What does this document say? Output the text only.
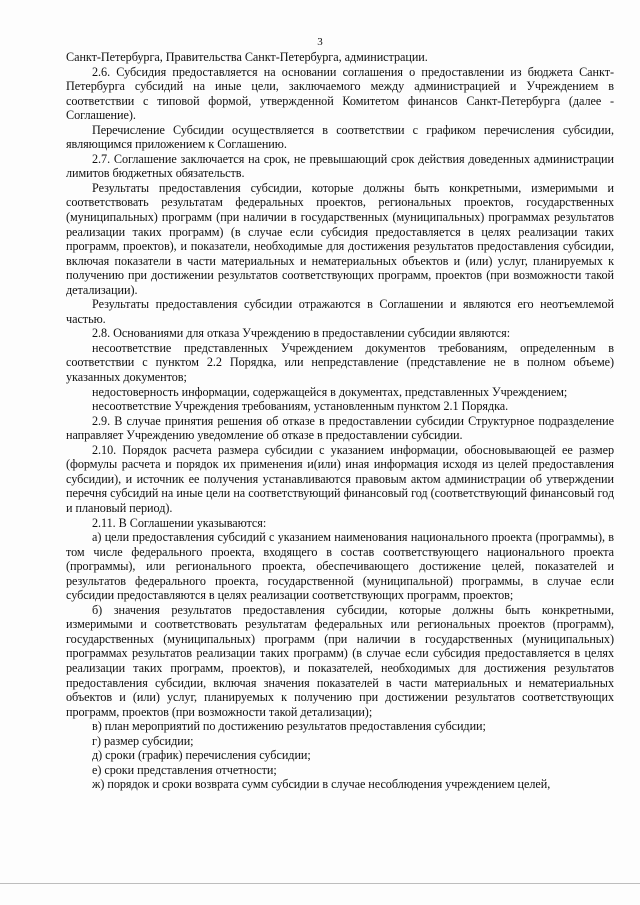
3

Санкт-Петербурга, Правительства Санкт-Петербурга, администрации.

2.6. Субсидия предоставляется на основании соглашения о предоставлении из бюджета Санкт-Петербурга субсидий на иные цели, заключаемого между администрацией и Учреждением в соответствии с типовой формой, утвержденной Комитетом финансов Санкт-Петербурга (далее - Соглашение).

Перечисление Субсидии осуществляется в соответствии с графиком перечисления субсидии, являющимся приложением к Соглашению.

2.7. Соглашение заключается на срок, не превышающий срок действия доведенных администрации лимитов бюджетных обязательств.

Результаты предоставления субсидии, которые должны быть конкретными, измеримыми и соответствовать результатам федеральных проектов, региональных проектов, государственных (муниципальных) программ (при наличии в государственных (муниципальных) программах результатов реализации таких программ) (в случае если субсидия предоставляется в целях реализации таких программ, проектов), и показатели, необходимые для достижения результатов предоставления субсидии, включая показатели в части материальных и нематериальных объектов и (или) услуг, планируемых к получению при достижении результатов соответствующих программ, проектов (при возможности такой детализации).

Результаты предоставления субсидии отражаются в Соглашении и являются его неотъемлемой частью.

2.8. Основаниями для отказа Учреждению в предоставлении субсидии являются:

несоответствие представленных Учреждением документов требованиям, определенным в соответствии с пунктом 2.2 Порядка, или непредставление (представление не в полном объеме) указанных документов;

недостоверность информации, содержащейся в документах, представленных Учреждением;

несоответствие Учреждения требованиям, установленным пунктом 2.1 Порядка.

2.9. В случае принятия решения об отказе в предоставлении субсидии Структурное подразделение направляет Учреждению уведомление об отказе в предоставлении субсидии.

2.10. Порядок расчета размера субсидии с указанием информации, обосновывающей ее размер (формулы расчета и порядок их применения и(или) иная информация исходя из целей предоставления субсидии), и источник ее получения устанавливаются правовым актом администрации об утверждении перечня субсидий на иные цели на соответствующий финансовый год (соответствующий финансовый год и плановый период).

2.11. В Соглашении указываются:

а) цели предоставления субсидий с указанием наименования национального проекта (программы), в том числе федерального проекта, входящего в состав соответствующего национального проекта (программы), или регионального проекта, обеспечивающего достижение целей, показателей и результатов федерального проекта, государственной (муниципальной) программы, в случае если субсидии предоставляются в целях реализации соответствующих программ, проектов;

б) значения результатов предоставления субсидии, которые должны быть конкретными, измеримыми и соответствовать результатам федеральных или региональных проектов (программ), государственных (муниципальных) программ (при наличии в государственных (муниципальных) программах результатов реализации таких программ) (в случае если субсидия предоставляется в целях реализации таких программ, проектов), и показателей, необходимых для достижения результатов предоставления субсидии, включая значения показателей в части материальных и нематериальных объектов и (или) услуг, планируемых к получению при достижении результатов соответствующих программ, проектов (при возможности такой детализации);

в) план мероприятий по достижению результатов предоставления субсидии;

г) размер субсидии;

д) сроки (график) перечисления субсидии;

е) сроки представления отчетности;

ж) порядок и сроки возврата сумм субсидии в случае несоблюдения учреждением целей,
